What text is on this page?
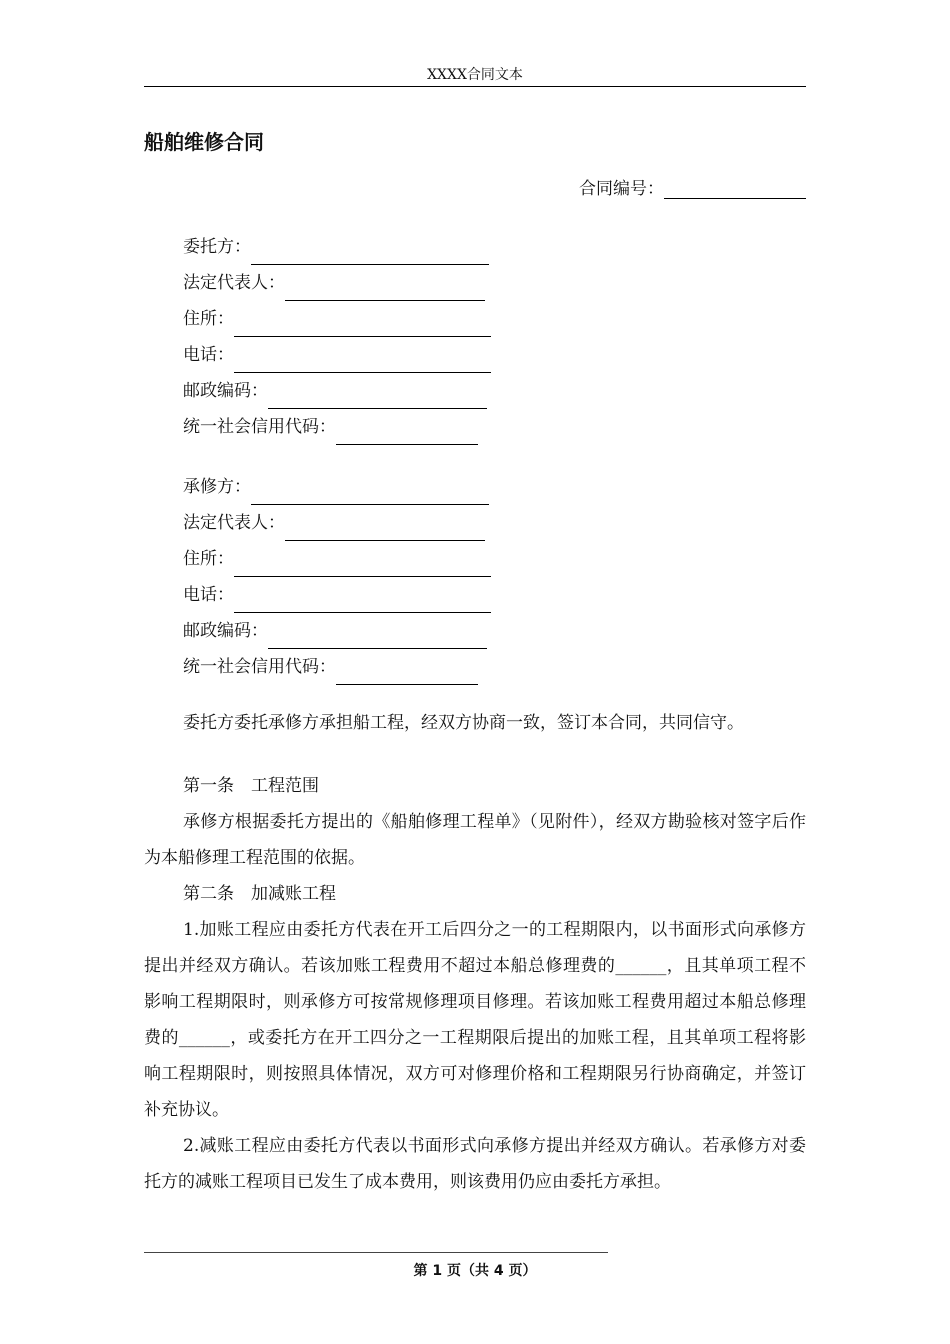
XXXX合同文本
船舶维修合同
合同编号：
委托方：
法定代表人：
住所：
电话：
邮政编码：
统一社会信用代码：
承修方：
法定代表人：
住所：
电话：
邮政编码：
统一社会信用代码：
委托方委托承修方承担船工程，经双方协商一致，签订本合同，共同信守。

第一条　工程范围

承修方根据委托方提出的《船舶修理工程单》（见附件），经双方勘验核对签字后作为本船修理工程范围的依据。

第二条　加减账工程

1.加账工程应由委托方代表在开工后四分之一的工程期限内，以书面形式向承修方提出并经双方确认。若该加账工程费用不超过本船总修理费的______，且其单项工程不影响工程期限时，则承修方可按常规修理项目修理。若该加账工程费用超过本船总修理费的______，或委托方在开工四分之一工程期限后提出的加账工程，且其单项工程将影响工程期限时，则按照具体情况，双方可对修理价格和工程期限另行协商确定，并签订补充协议。

2.减账工程应由委托方代表以书面形式向承修方提出并经双方确认。若承修方对委托方的减账工程项目已发生了成本费用，则该费用仍应由委托方承担。

第 1 页（共 4 页）
